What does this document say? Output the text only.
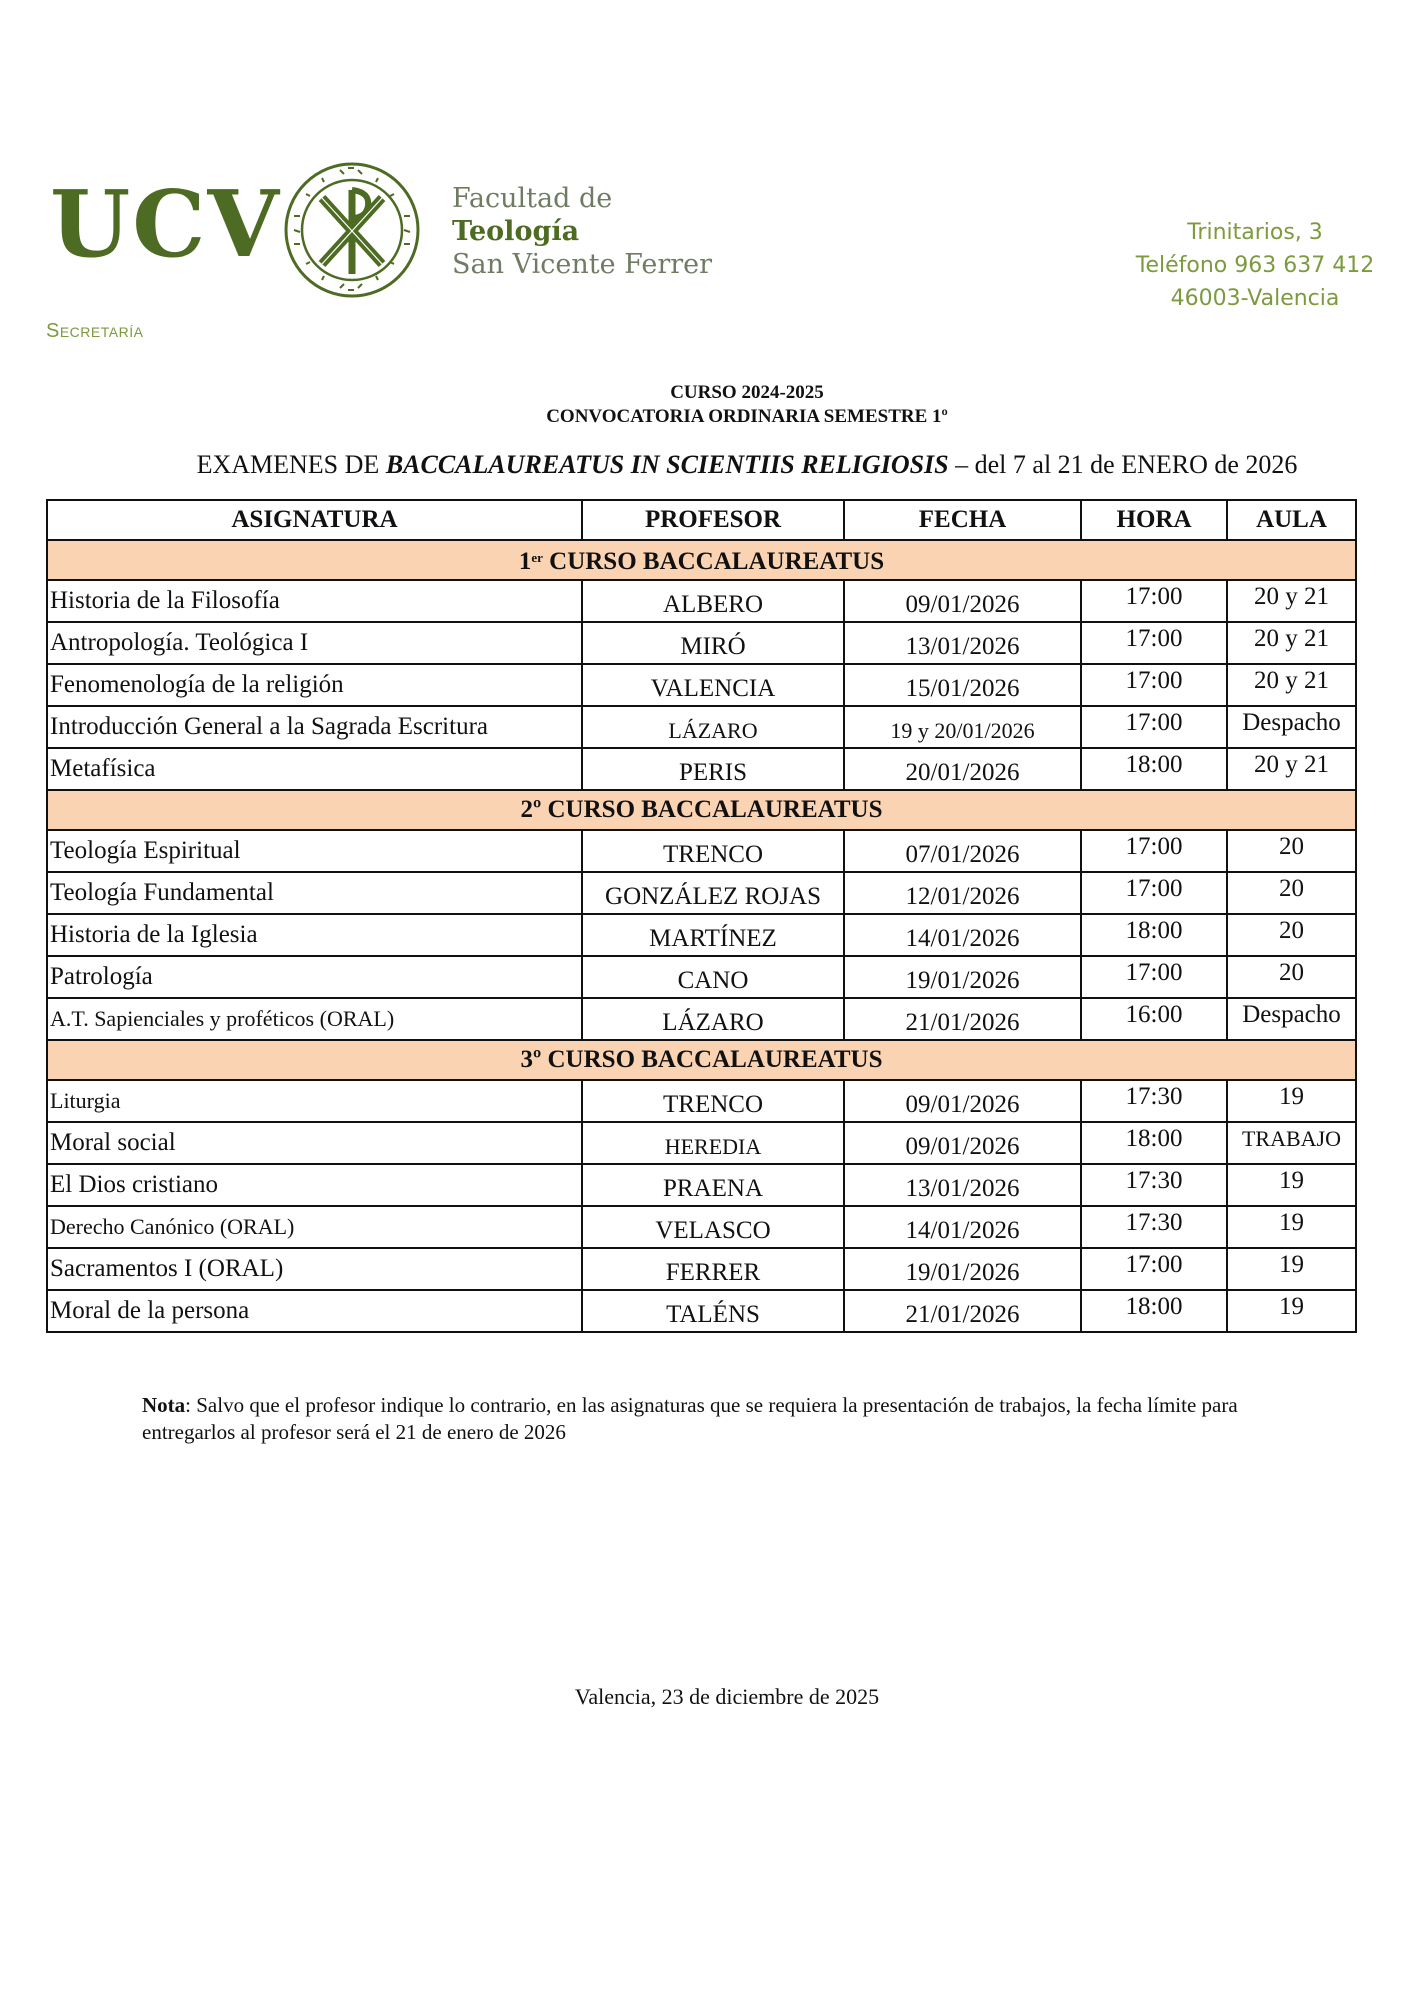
UCV	Facultad de
Teología
San Vicente Ferrer
Secretaría
Trinitarios, 3
Teléfono 963 637 412
46003-Valencia
CURSO 2024-2025
CONVOCATORIA ORDINARIA SEMESTRE 1º
EXAMENES DE BACCALAUREATUS IN SCIENTIIS RELIGIOSIS – del 7 al 21 de ENERO de 2026
ASIGNATURA	PROFESOR	FECHA	HORA	AULA
1er CURSO BACCALAUREATUS				
Historia de la Filosofía	ALBERO	09/01/2026	17:00	20 y 21
Antropología. Teológica I	MIRÓ	13/01/2026	17:00	20 y 21
Fenomenología de la religión	VALENCIA	15/01/2026	17:00	20 y 21
Introducción General a la Sagrada Escritura	LÁZARO	19 y 20/01/2026	17:00	Despacho
Metafísica	PERIS	20/01/2026	18:00	20 y 21
2º CURSO BACCALAUREATUS				
Teología Espiritual	TRENCO	07/01/2026	17:00	20
Teología Fundamental	GONZÁLEZ ROJAS	12/01/2026	17:00	20
Historia de la Iglesia	MARTÍNEZ	14/01/2026	18:00	20
Patrología	CANO	19/01/2026	17:00	20
A.T. Sapienciales y proféticos (ORAL)	LÁZARO	21/01/2026	16:00	Despacho
3º CURSO BACCALAUREATUS				
Liturgia	TRENCO	09/01/2026	17:30	19
Moral social	HEREDIA	09/01/2026	18:00	TRABAJO
El Dios cristiano	PRAENA	13/01/2026	17:30	19
Derecho Canónico (ORAL)	VELASCO	14/01/2026	17:30	19
Sacramentos I (ORAL)	FERRER	19/01/2026	17:00	19
Moral de la persona	TALÉNS	21/01/2026	18:00	19
Nota: Salvo que el profesor indique lo contrario, en las asignaturas que se requiera la presentación de trabajos, la fecha límite para entregarlos al profesor será el 21 de enero de 2026
Valencia, 23 de diciembre de 2025
